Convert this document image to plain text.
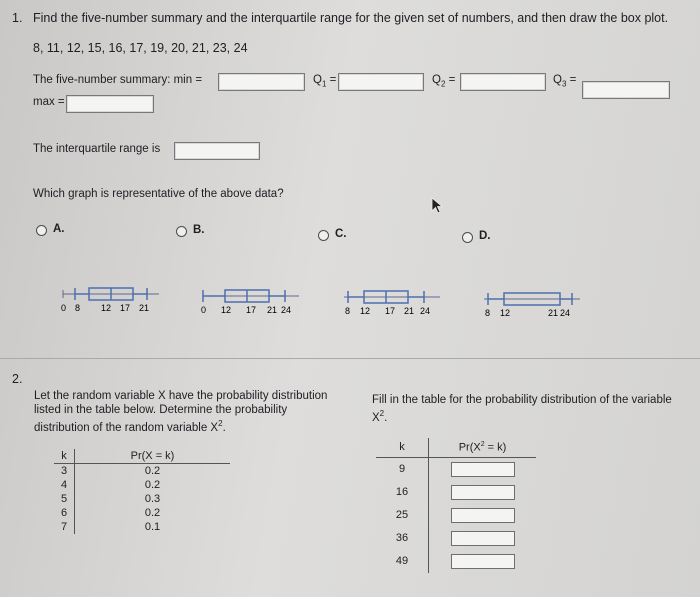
1. Find the five-number summary and the interquartile range for the given set of numbers, and then draw the box plot.
8, 11, 12, 15, 16, 17, 19, 20, 21, 23, 24
The five-number summary: min =	$Q_1$ =	$Q_2$ =	$Q_3$ =
max =
The interquartile range is
Which graph is representative of the above data?
A.	B.	C.	D.
0 8 12 17 21	0 12 17 21 24	8 12 17 21 24	8 12	21 24
2.
Let the random variable X have the probability distribution
listed in the table below. Determine the probability
distribution of the random variable $X^2$.
Fill in the table for the probability distribution of the variable
$X^2$.
k	Pr(X = k)
3	0.2
4	0.2
5	0.3
6	0.2
7	0.1
k	$Pr(X^2 = k)$
9	

16	

25	

36	

49	
